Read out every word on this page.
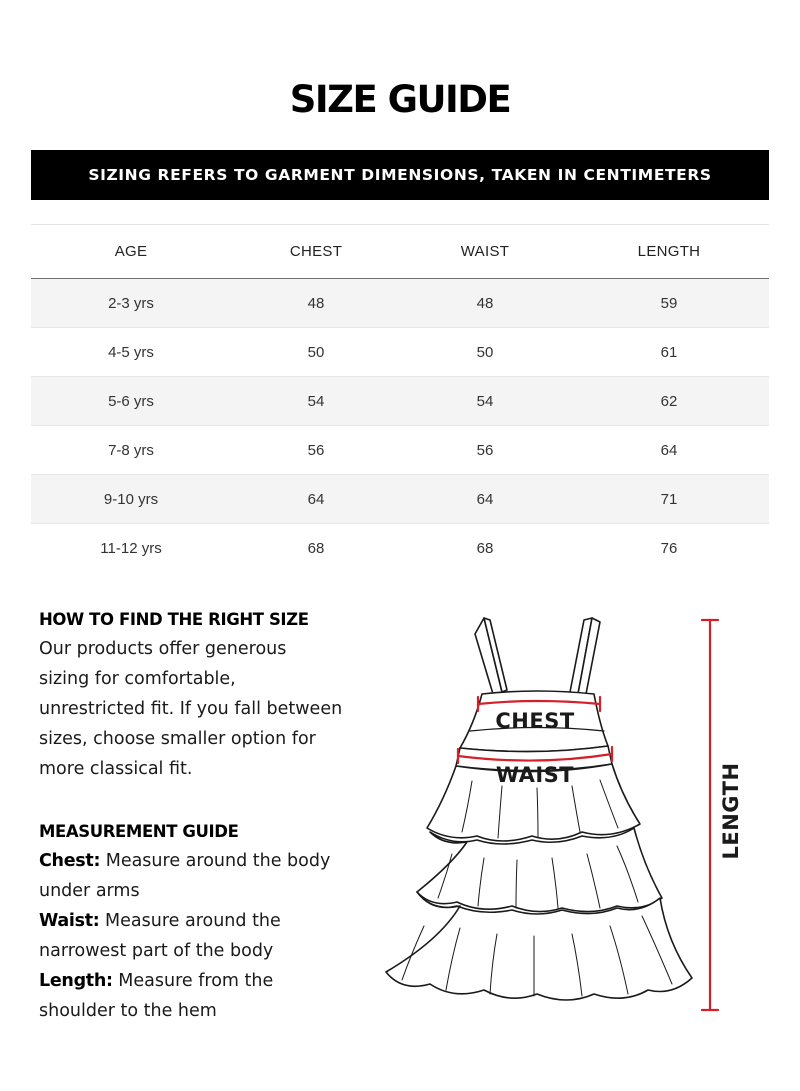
SIZE GUIDE
SIZING REFERS TO GARMENT DIMENSIONS, TAKEN IN CENTIMETERS
AGE	CHEST	WAIST	LENGTH
2-3 yrs	48	48	59
4-5 yrs	50	50	61
5-6 yrs	54	54	62
7-8 yrs	56	56	64
9-10 yrs	64	64	71
11-12 yrs	68	68	76
HOW TO FIND THE RIGHT SIZE

Our products offer generous

sizing for comfortable,

unrestricted fit. If you fall between

sizes, choose smaller option for

more classical fit.

MEASUREMENT GUIDE

Chest: Measure around the body

under arms

Waist: Measure around the

narrowest part of the body

Length: Measure from the

shoulder to the hem

CHEST
WAIST	LENGTH
